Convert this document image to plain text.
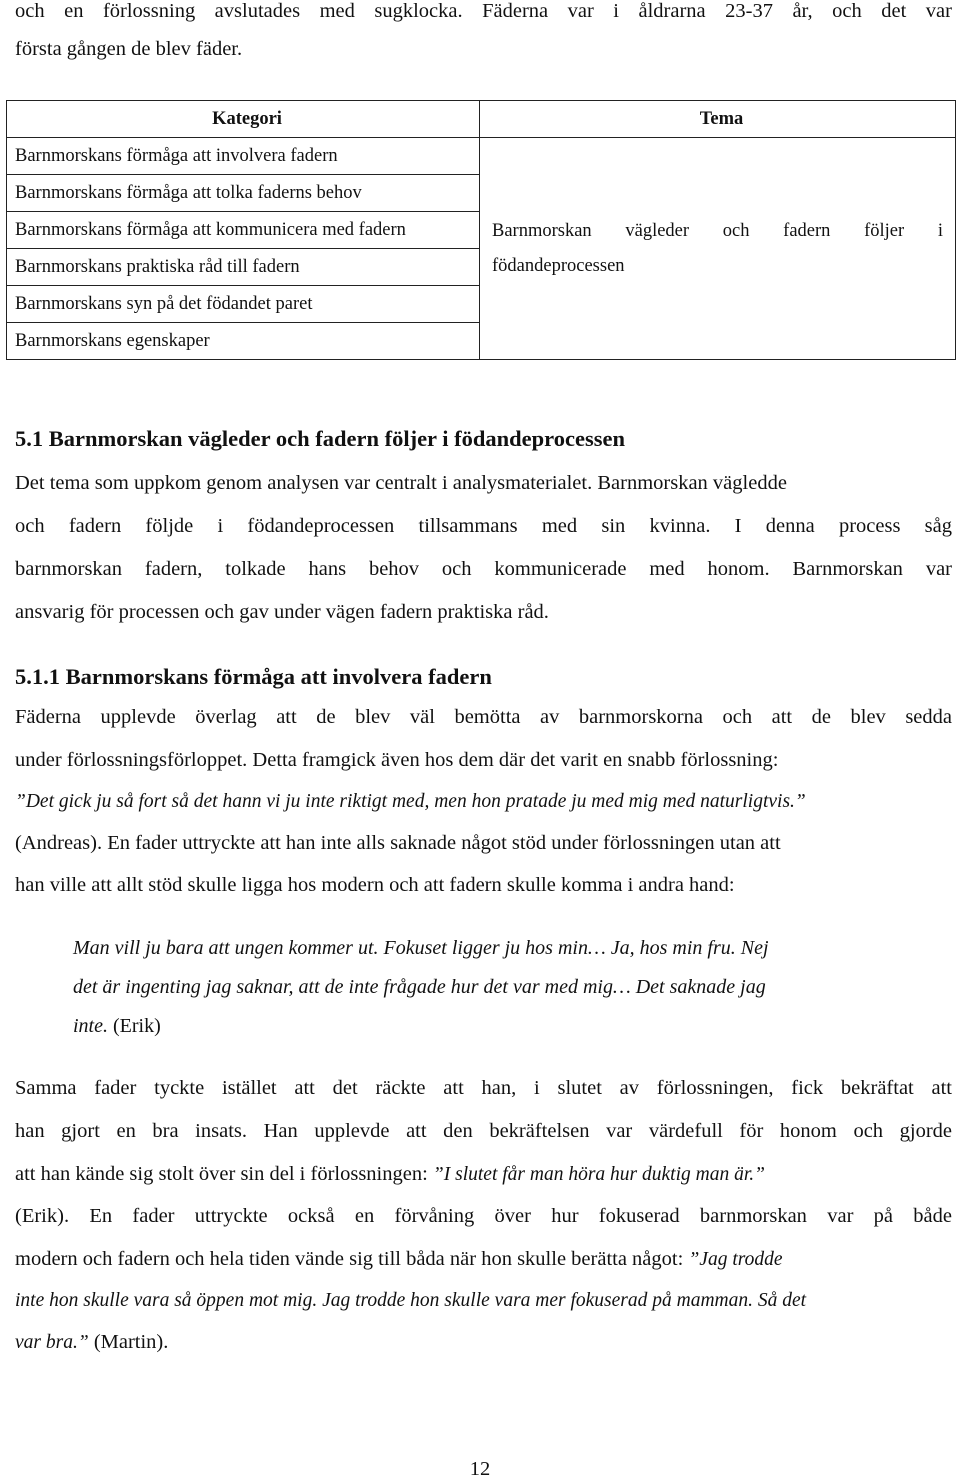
och en förlossning avslutades med sugklocka. Fäderna var i åldrarna 23-37 år, och det var
första gången de blev fäder.
Kategori	Tema
Barnmorskans förmåga att involvera fadern	Barnmorskan vägleder och fadern följer i
födandeprocessen

Barnmorskans förmåga att tolka faderns behov	
Barnmorskans förmåga att kommunicera med fadern	
Barnmorskans praktiska råd till fadern	
Barnmorskans syn på det födandet paret	
Barnmorskans egenskaper	
5.1 Barnmorskan vägleder och fadern följer i födandeprocessen
Det tema som uppkom genom analysen var centralt i analysmaterialet. Barnmorskan vägledde
och fadern följde i födandeprocessen tillsammans med sin kvinna. I denna process såg
barnmorskan fadern, tolkade hans behov och kommunicerade med honom. Barnmorskan var
ansvarig för processen och gav under vägen fadern praktiska råd.
5.1.1 Barnmorskans förmåga att involvera fadern
Fäderna upplevde överlag att de blev väl bemötta av barnmorskorna och att de blev sedda
under förlossningsförloppet. Detta framgick även hos dem där det varit en snabb förlossning:
”Det gick ju så fort så det hann vi ju inte riktigt med, men hon pratade ju med mig med naturligtvis.”
(Andreas). En fader uttryckte att han inte alls saknade något stöd under förlossningen utan att
han ville att allt stöd skulle ligga hos modern och att fadern skulle komma i andra hand:
Man vill ju bara att ungen kommer ut. Fokuset ligger ju hos min… Ja, hos min fru. Nej
det är ingenting jag saknar, att de inte frågade hur det var med mig… Det saknade jag
inte. (Erik)
Samma fader tyckte istället att det räckte att han, i slutet av förlossningen, fick bekräftat att
han gjort en bra insats. Han upplevde att den bekräftelsen var värdefull för honom och gjorde
att han kände sig stolt över sin del i förlossningen: ”I slutet får man höra hur duktig man är.”
(Erik). En fader uttryckte också en förvåning över hur fokuserad barnmorskan var på både
modern och fadern och hela tiden vände sig till båda när hon skulle berätta något: ”Jag trodde
inte hon skulle vara så öppen mot mig. Jag trodde hon skulle vara mer fokuserad på mamman. Så det
var bra.” (Martin).
12
